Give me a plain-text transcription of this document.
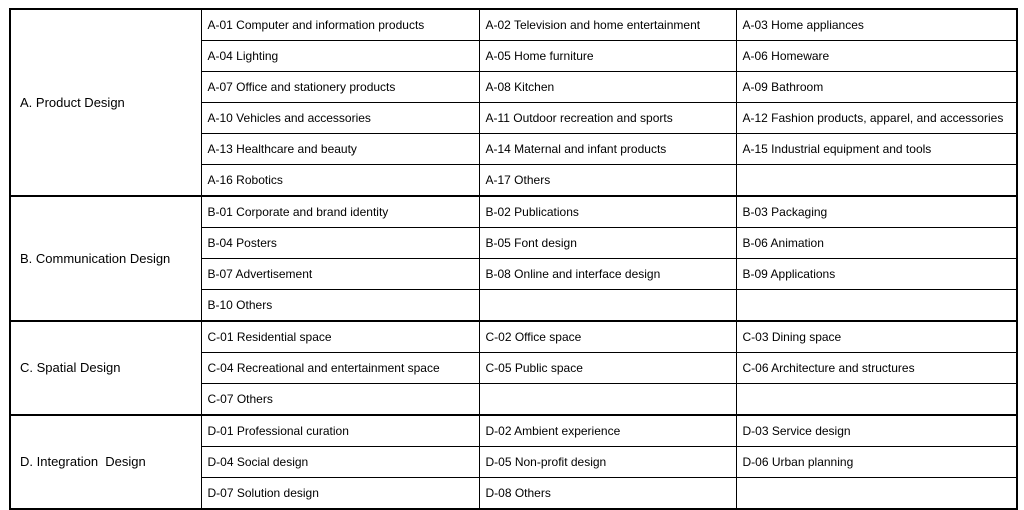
A. Product Design	A-01 Computer and information products	A-02 Television and home entertainment	A-03 Home appliances
	A-04 Lighting	A-05 Home furniture	A-06 Homeware
	A-07 Office and stationery products	A-08 Kitchen	A-09 Bathroom
	A-10 Vehicles and accessories	A-11 Outdoor recreation and sports	A-12 Fashion products, apparel, and accessories
	A-13 Healthcare and beauty	A-14 Maternal and infant products	A-15 Industrial equipment and tools
	A-16 Robotics	A-17 Others	
B. Communication Design	B-01 Corporate and brand identity	B-02 Publications	B-03 Packaging
	B-04 Posters	B-05 Font design	B-06 Animation
	B-07 Advertisement	B-08 Online and interface design	B-09 Applications
	B-10 Others		
C. Spatial Design	C-01 Residential space	C-02 Office space	C-03 Dining space
	C-04 Recreational and entertainment space	C-05 Public space	C-06 Architecture and structures
	C-07 Others		
D. Integration  Design	D-01 Professional curation	D-02 Ambient experience	D-03 Service design
	D-04 Social design	D-05 Non-profit design	D-06 Urban planning
	D-07 Solution design	D-08 Others	
